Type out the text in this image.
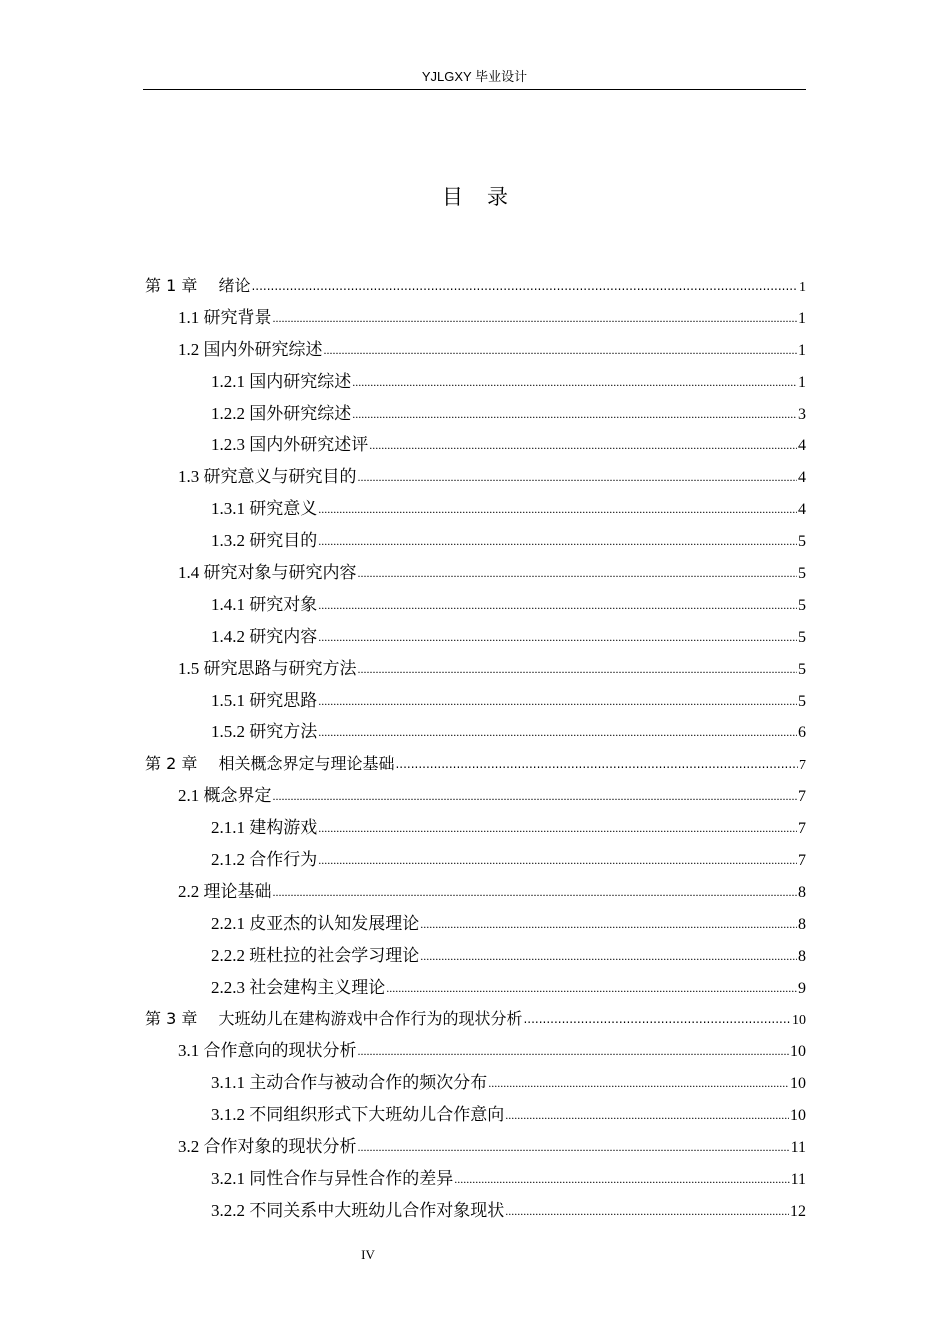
YJLGXY 毕业设计
目录
第 1 章　 绪论 .....	1
1.1 研究背景 .....	1
1.2 国内外研究综述 .....	1
1.2.1 国内研究综述 .....	1
1.2.2 国外研究综述 .....	3
1.2.3 国内外研究述评 .....	4
1.3 研究意义与研究目的 .....	4
1.3.1 研究意义 .....	4
1.3.2 研究目的 .....	5
1.4 研究对象与研究内容 .....	5
1.4.1 研究对象 .....	5
1.4.2 研究内容 .....	5
1.5 研究思路与研究方法 .....	5
1.5.1 研究思路 .....	5
1.5.2 研究方法 .....	6
第 2 章　 相关概念界定与理论基础 .....	7
2.1 概念界定 .....	7
2.1.1 建构游戏 .....	7
2.1.2 合作行为 .....	7
2.2 理论基础 .....	8
2.2.1 皮亚杰的认知发展理论 .....	8
2.2.2 班杜拉的社会学习理论 .....	8
2.2.3 社会建构主义理论 .....	9
第 3 章　 大班幼儿在建构游戏中合作行为的现状分析 .....	10
3.1 合作意向的现状分析 .....	10
3.1.1 主动合作与被动合作的频次分布 .....	10
3.1.2 不同组织形式下大班幼儿合作意向 .....	10
3.2 合作对象的现状分析 .....	11
3.2.1 同性合作与异性合作的差异 .....	11
3.2.2 不同关系中大班幼儿合作对象现状 .....	12
IV
